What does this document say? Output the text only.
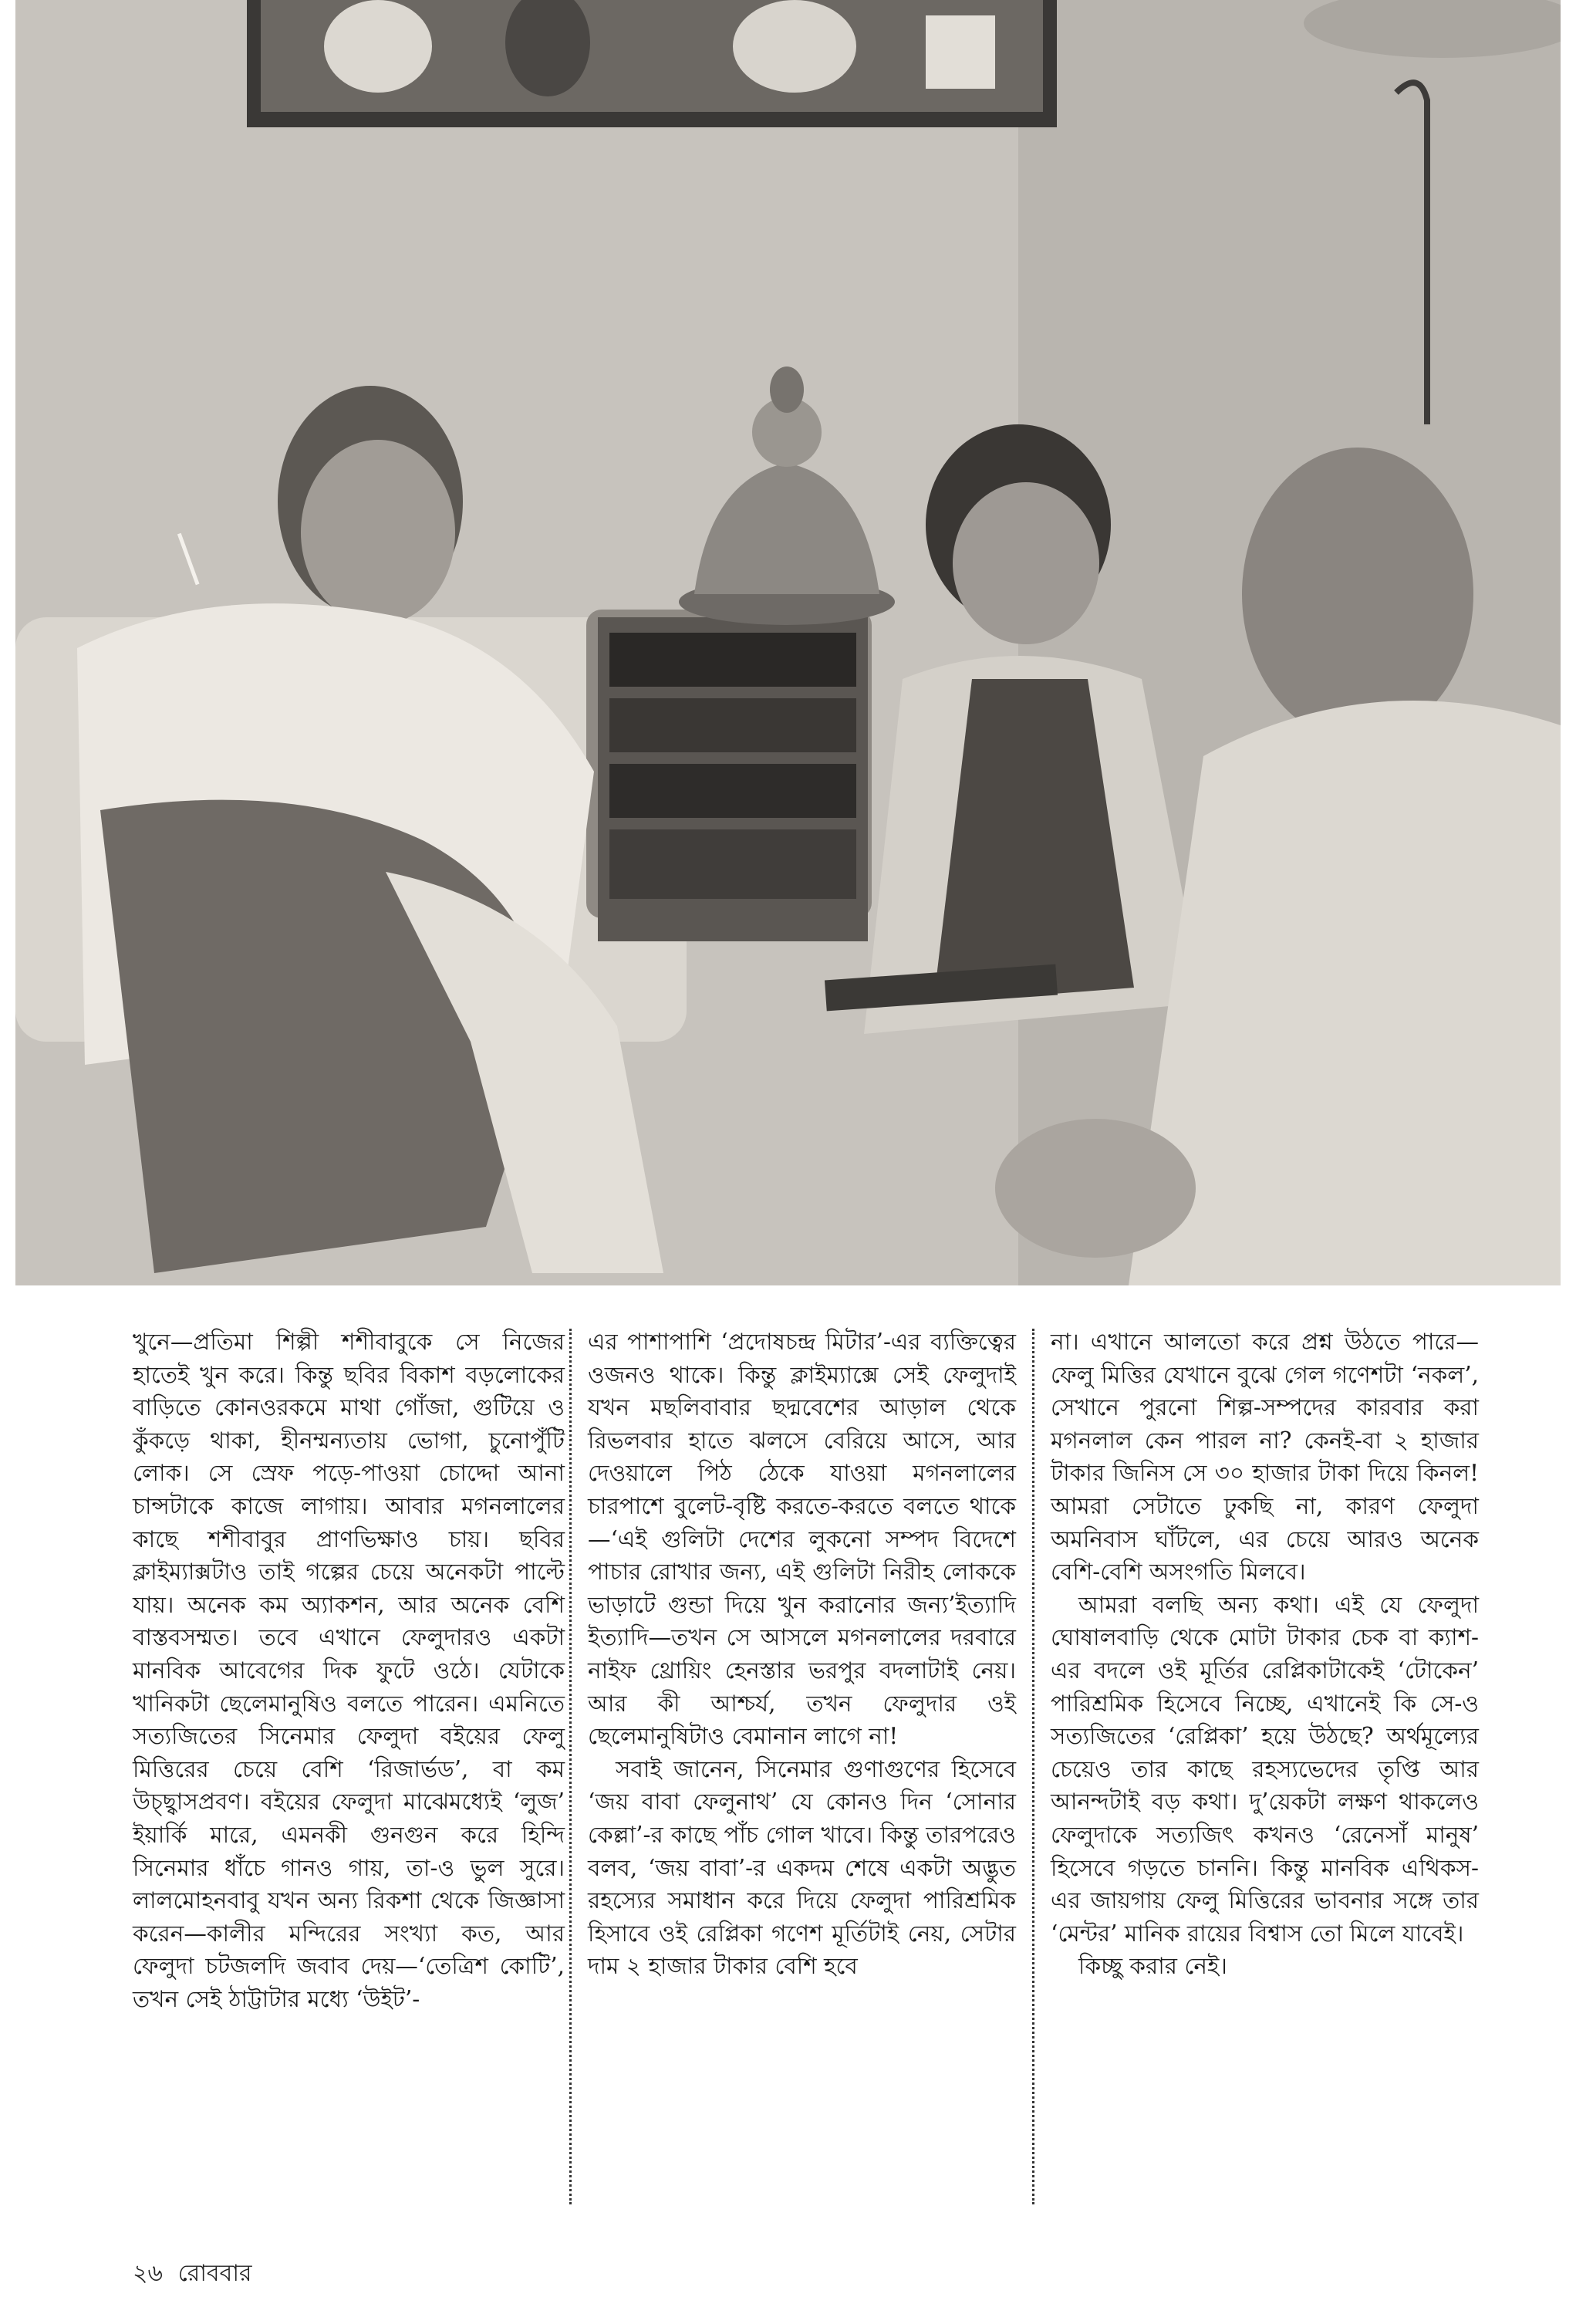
খুনে—প্রতিমা শিল্পী শশীবাবুকে সে নিজের হাতেই খুন করে। কিন্তু ছবির বিকাশ বড়লোকের বাড়িতে কোনওরকমে মাথা গোঁজা, গুটিয়ে ও কুঁকড়ে থাকা, হীনম্মন্যতায় ভোগা, চুনোপুঁটি লোক। সে স্রেফ পড়ে-পাওয়া চোদ্দো আনা চান্সটাকে কাজে লাগায়। আবার মগনলালের কাছে শশীবাবুর প্রাণভিক্ষাও চায়। ছবির ক্লাইম্যাক্সটাও তাই গল্পের চেয়ে অনেকটা পাল্টে যায়। অনেক কম অ্যাকশন, আর অনেক বেশি বাস্তবসম্মত। তবে এখানে ফেলুদারও একটা মানবিক আবেগের দিক ফুটে ওঠে। যেটাকে খানিকটা ছেলেমানুষিও বলতে পারেন। এমনিতে সত্যজিতের সিনেমার ফেলুদা বইয়ের ফেলু মিত্তিরের চেয়ে বেশি ‘রিজার্ভড’, বা কম উচ্ছ্বাসপ্রবণ। বইয়ের ফেলুদা মাঝেমধ্যেই ‘লুজ’ ইয়ার্কি মারে, এমনকী গুনগুন করে হিন্দি সিনেমার ধাঁচে গানও গায়, তা-ও ভুল সুরে। লালমোহনবাবু যখন অন্য রিকশা থেকে জিজ্ঞাসা করেন—কালীর মন্দিরের সংখ্যা কত, আর ফেলুদা চটজলদি জবাব দেয়—‘তেত্রিশ কোটি’, তখন সেই ঠাট্টাটার মধ্যে ‘উইট’-

এর পাশাপাশি ‘প্রদোষচন্দ্র মিটার’-এর ব্যক্তিত্বের ওজনও থাকে। কিন্তু ক্লাইম্যাক্সে সেই ফেলুদাই যখন মছলিবাবার ছদ্মবেশের আড়াল থেকে রিভলবার হাতে ঝলসে বেরিয়ে আসে, আর দেওয়ালে পিঠ ঠেকে যাওয়া মগনলালের চারপাশে বুলেট-বৃষ্টি করতে-করতে বলতে থাকে—‘এই গুলিটা দেশের লুকনো সম্পদ বিদেশে পাচার রোখার জন্য, এই গুলিটা নিরীহ লোককে ভাড়াটে গুন্ডা দিয়ে খুন করানোর জন্য’ইত্যাদি ইত্যাদি—তখন সে আসলে মগনলালের দরবারে নাইফ থ্রোয়িং হেনস্তার ভরপুর বদলাটাই নেয়। আর কী আশ্চর্য, তখন ফেলুদার ওই ছেলেমানুষিটাও বেমানান লাগে না!

সবাই জানেন, সিনেমার গুণাগুণের হিসেবে ‘জয় বাবা ফেলুনাথ’ যে কোনও দিন ‘সোনার কেল্লা’-র কাছে পাঁচ গোল খাবে। কিন্তু তারপরেও বলব, ‘জয় বাবা’-র একদম শেষে একটা অদ্ভুত রহস্যের সমাধান করে দিয়ে ফেলুদা পারিশ্রমিক হিসাবে ওই রেপ্লিকা গণেশ মূর্তিটাই নেয়, সেটার দাম ২ হাজার টাকার বেশি হবে

না। এখানে আলতো করে প্রশ্ন উঠতে পারে—ফেলু মিত্তির যেখানে বুঝে গেল গণেশটা ‘নকল’, সেখানে পুরনো শিল্প-সম্পদের কারবার করা মগনলাল কেন পারল না? কেনই-বা ২ হাজার টাকার জিনিস সে ৩০ হাজার টাকা দিয়ে কিনল! আমরা সেটাতে ঢুকছি না, কারণ ফেলুদা অমনিবাস ঘাঁটলে, এর চেয়ে আরও অনেক বেশি-বেশি অসংগতি মিলবে।

আমরা বলছি অন্য কথা। এই যে ফেলুদা ঘোষালবাড়ি থেকে মোটা টাকার চেক বা ক্যাশ-এর বদলে ওই মূর্তির রেপ্লিকাটাকেই ‘টোকেন’ পারিশ্রমিক হিসেবে নিচ্ছে, এখানেই কি সে-ও সত্যজিতের ‘রেপ্লিকা’ হয়ে উঠছে? অর্থমূল্যের চেয়েও তার কাছে রহস্যভেদের তৃপ্তি আর আনন্দটাই বড় কথা। দু’য়েকটা লক্ষণ থাকলেও ফেলুদাকে সত্যজিৎ কখনও ‘রেনেসাঁ মানুষ’ হিসেবে গড়তে চাননি। কিন্তু মানবিক এথিকস-এর জায়গায় ফেলু মিত্তিরের ভাবনার সঙ্গে তার ‘মেন্টর’ মানিক রায়ের বিশ্বাস তো মিলে যাবেই।

কিচ্ছু করার নেই।

২৬ রোববার
